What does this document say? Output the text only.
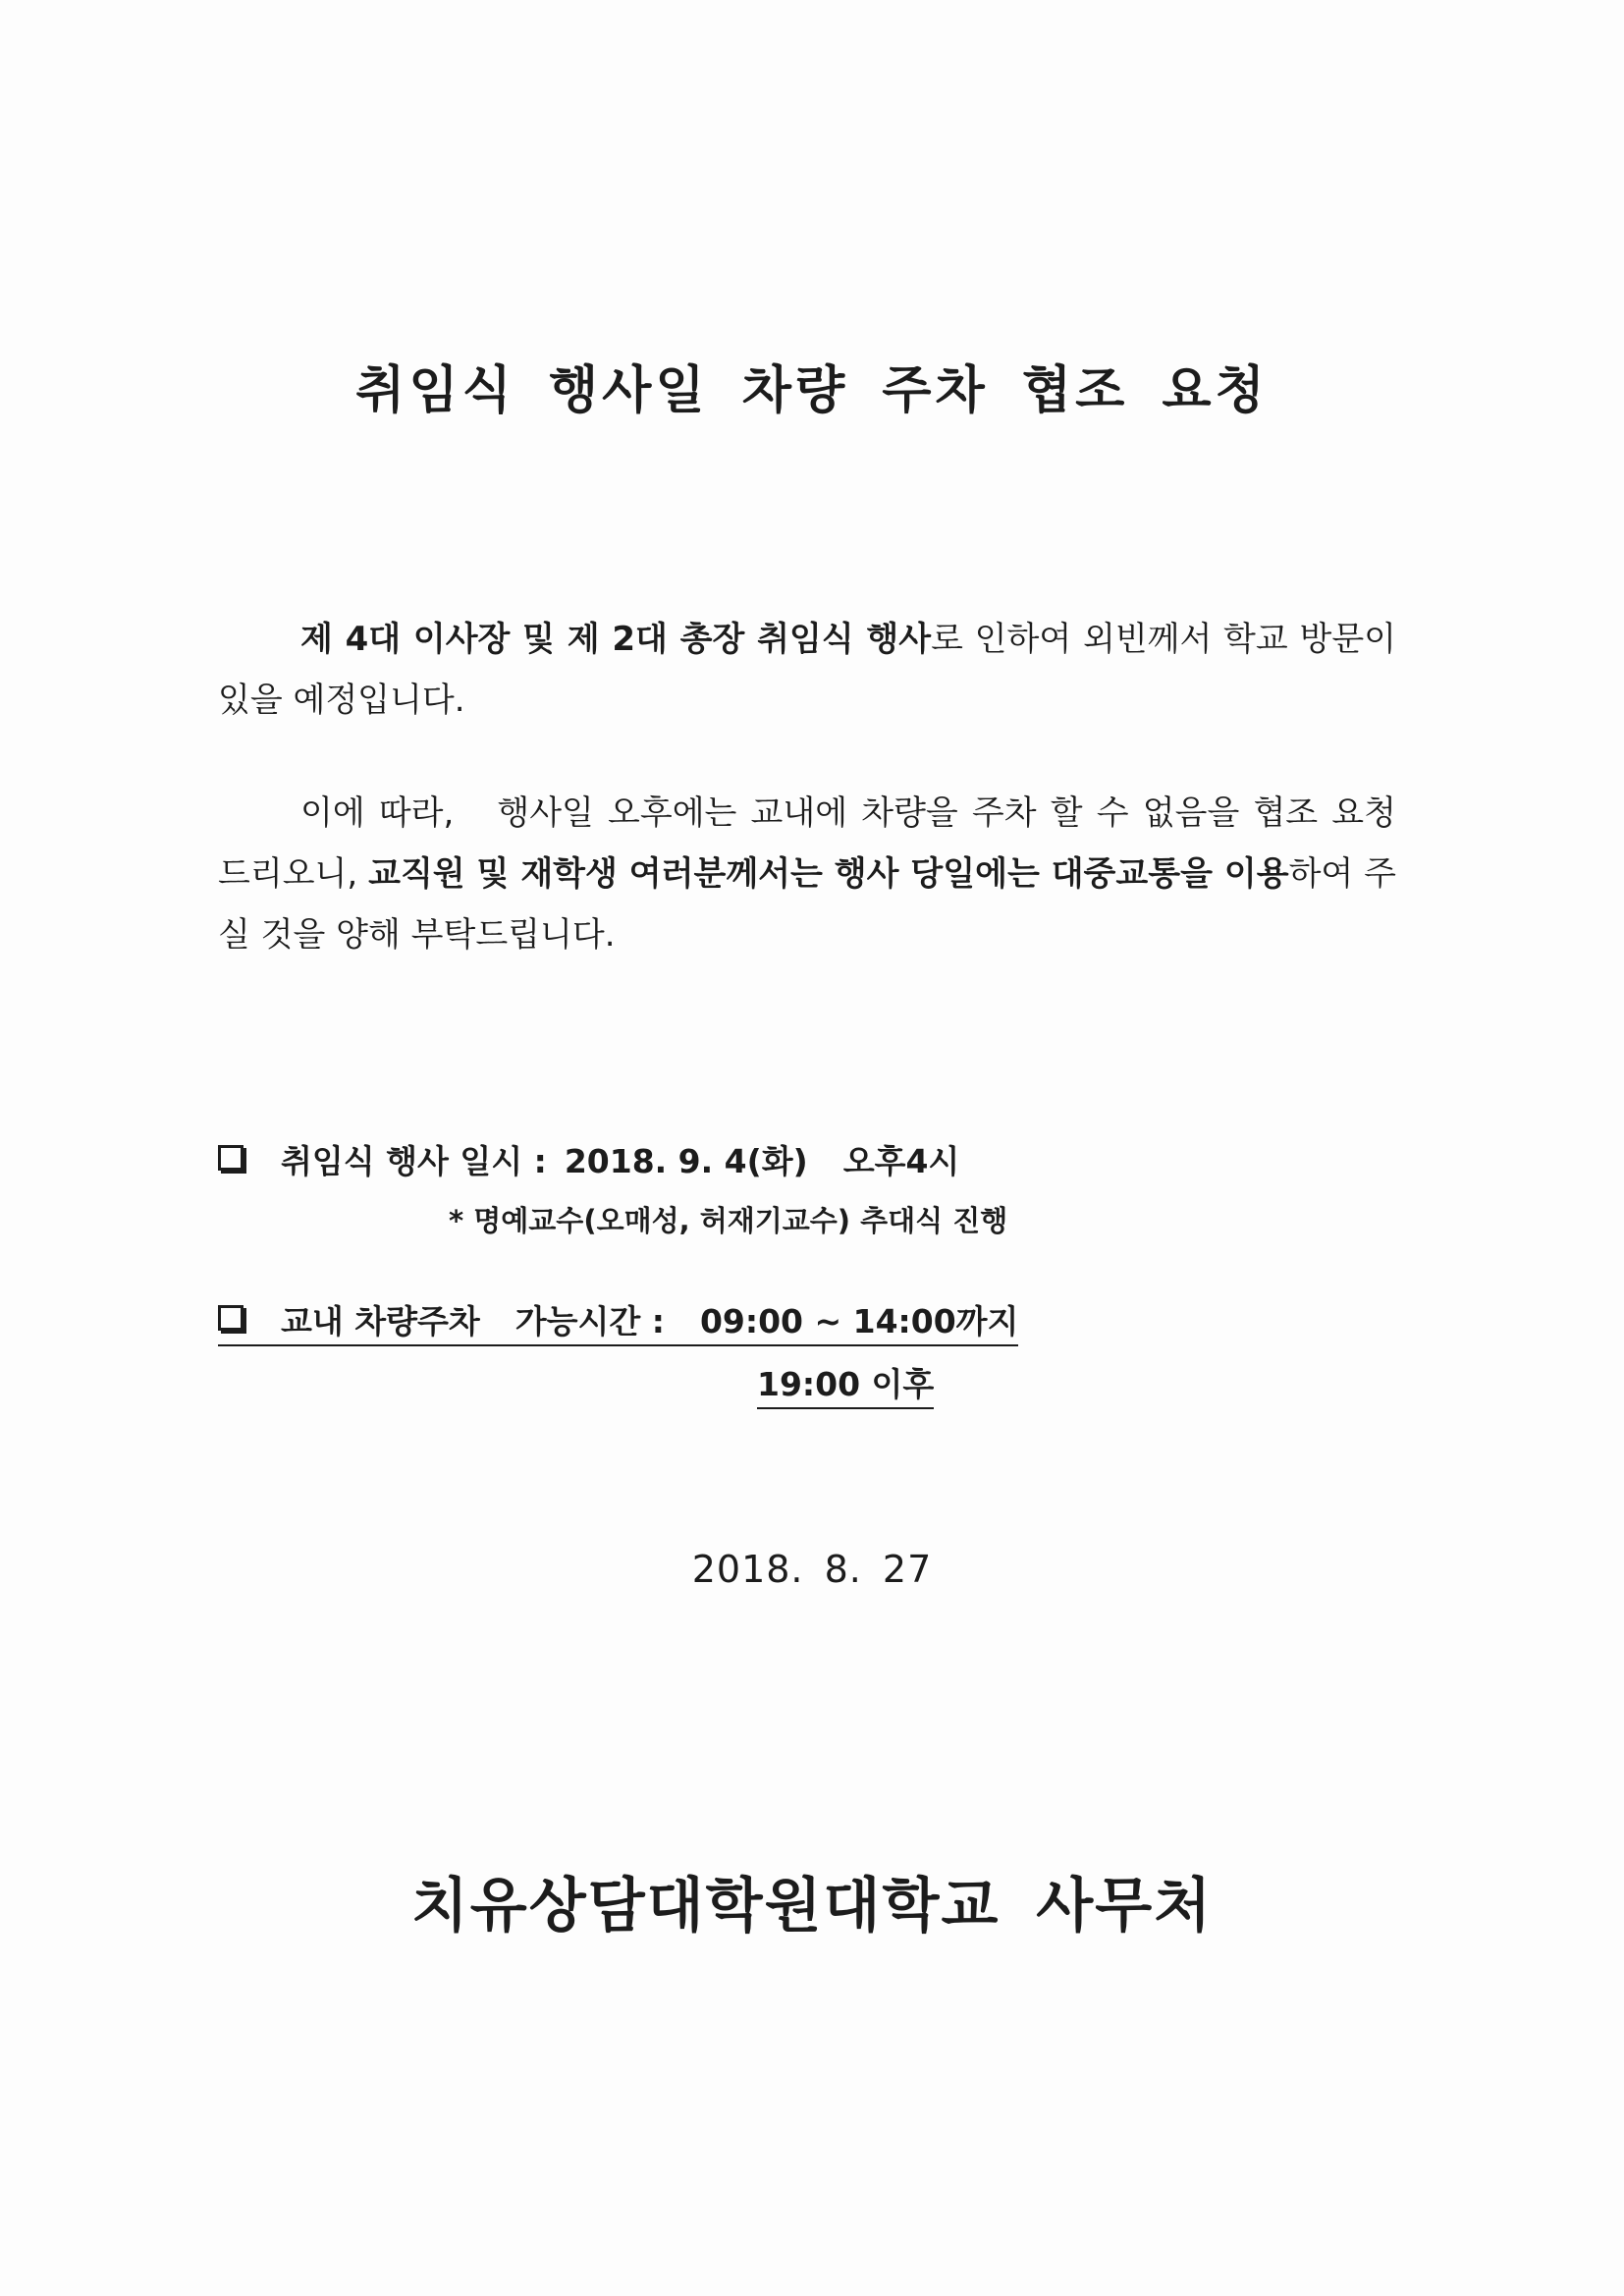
취임식 행사일 차량 주차 협조 요청
제 4대 이사장 및 제 2대 총장 취임식 행사로 인하여 외빈께서 학교 방문이 있을 예정입니다.
이에 따라, 행사일 오후에는 교내에 차량을 주차 할 수 없음을 협조 요청 드리오니, 교직원 및 재학생 여러분께서는 행사 당일에는 대중교통을 이용하여 주실 것을 양해 부탁드립니다.
취임식 행사 일시 : 2018. 9. 4(화) 오후4시
* 명예교수(오매성, 허재기교수) 추대식 진행
교내 차량주차 가능시간 : 09:00 ~ 14:00까지
19:00 이후
2018. 8. 27
치유상담대학원대학교 사무처
